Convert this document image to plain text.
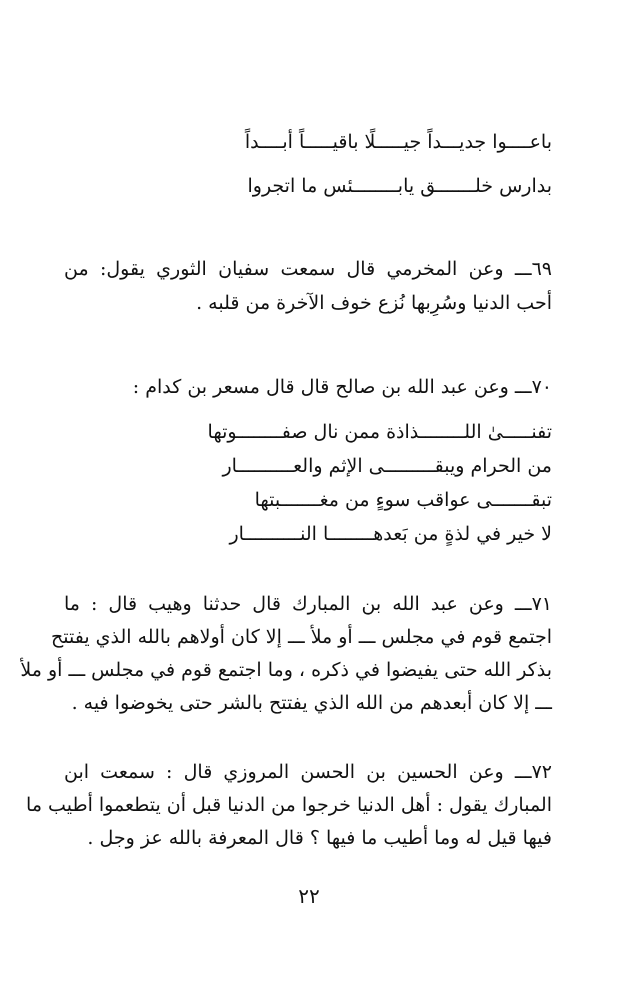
باعــــوا جديـــداً جيـــــلًا باقيـــــاً أبــــداً
بدارس خلـــــــق يابــــــــئس ما اتجروا
٦٩ـــ وعن المخرمي قال سمعت سفيان الثوري يقول: من
أحب الدنيا وسُرِبها نُزع خوف الآخرة من قلبه .
٧٠ـــ وعن عبد الله بن صالح قال قال مسعر بن كدام :
تفنـــــىٰ اللــــــــذاذة ممن نال صفــــــــوتها
من الحرام ويبقـــــــــى الإثم والعــــــــــار
تبقـــــــى عواقب سوءٍ من مغـــــــبتها
لا خير في لذةٍ من بَعدهــــــــا النــــــــــار
٧١ـــ وعن عبد الله بن المبارك قال حدثنا وهيب قال : ما
اجتمع قوم في مجلس ـــ أو ملأ ـــ إلا كان أولاهم بالله الذي يفتتح
بذكر الله حتى يفيضوا في ذكره ، وما اجتمع قوم في مجلس ـــ أو ملأ
ـــ إلا كان أبعدهم من الله الذي يفتتح بالشر حتى يخوضوا فيه .
٧٢ـــ وعن الحسين بن الحسن المروزي قال : سمعت ابن
المبارك يقول : أهل الدنيا خرجوا من الدنيا قبل أن يتطعموا أطيب ما
فيها قيل له وما أطيب ما فيها ؟ قال المعرفة بالله عز وجل .
٢٢
